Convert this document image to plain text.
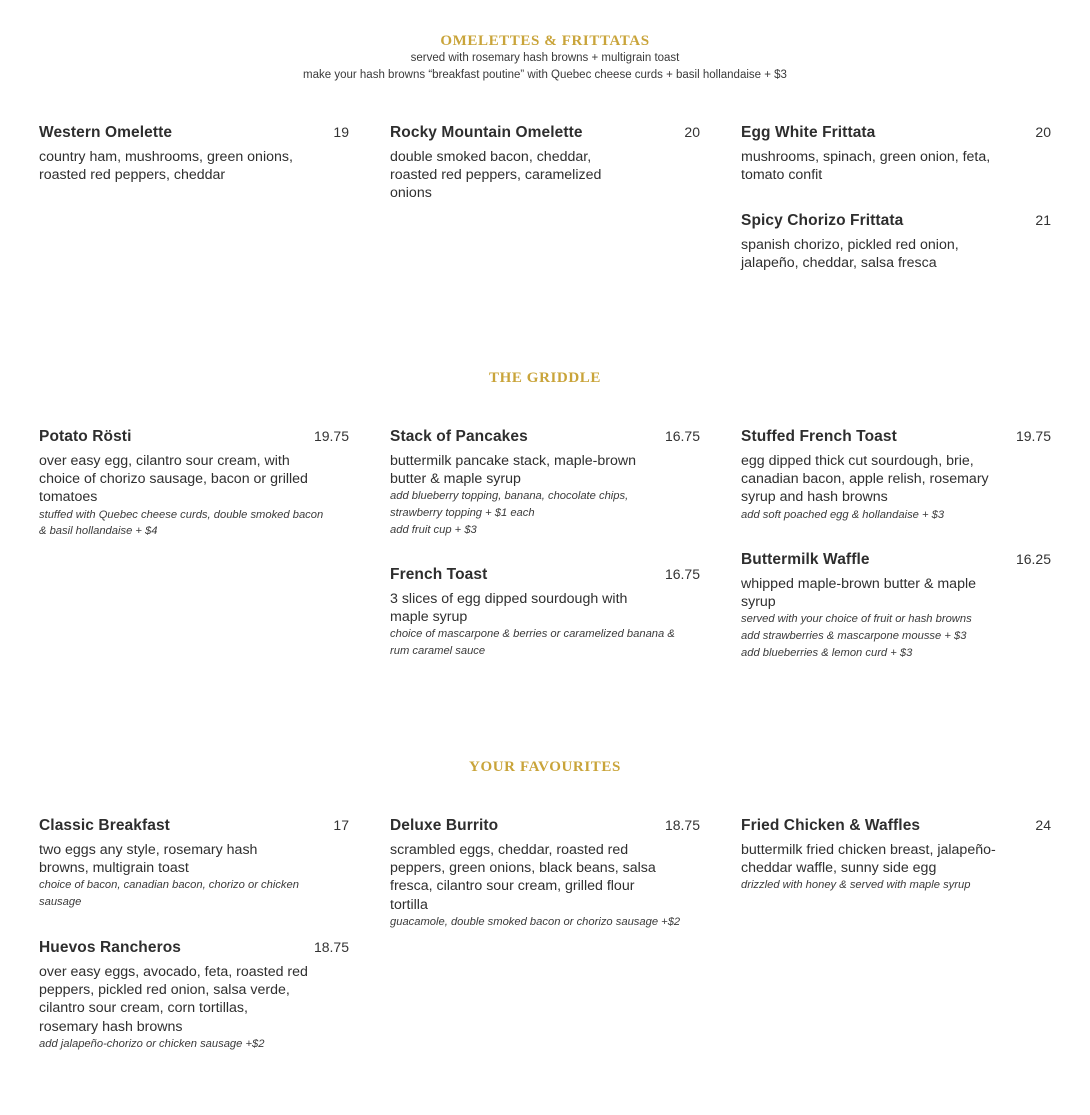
OMELETTES & FRITTATAS

served with rosemary hash browns + multigrain toast

make your hash browns “breakfast poutine” with Quebec cheese curds + basil hollandaise + $3

Western Omelette	19
country ham, mushrooms, green onions, roasted red peppers, cheddar
Rocky Mountain Omelette	20
double smoked bacon, cheddar, roasted red peppers, caramelized onions
Egg White Frittata	20
mushrooms, spinach, green onion, feta, tomato confit
Spicy Chorizo Frittata	21
spanish chorizo, pickled red onion, jalapeño, cheddar, salsa fresca
THE GRIDDLE
Potato Rösti	19.75
over easy egg, cilantro sour cream, with choice of chorizo sausage, bacon or grilled tomatoes
stuffed with Quebec cheese curds, double smoked bacon & basil hollandaise + $4
Stack of Pancakes	16.75
buttermilk pancake stack, maple-brown butter & maple syrup
add blueberry topping, banana, chocolate chips, strawberry topping + $1 each
add fruit cup + $3
French Toast	16.75
3 slices of egg dipped sourdough with maple syrup
choice of mascarpone & berries or caramelized banana & rum caramel sauce
Stuffed French Toast	19.75
egg dipped thick cut sourdough, brie, canadian bacon, apple relish, rosemary syrup and hash browns
add soft poached egg & hollandaise + $3
Buttermilk Waffle	16.25
whipped maple-brown butter & maple syrup
served with your choice of fruit or hash browns
add strawberries & mascarpone mousse + $3
add blueberries & lemon curd + $3
YOUR FAVOURITES
Classic Breakfast	17
two eggs any style, rosemary hash browns, multigrain toast
choice of bacon, canadian bacon, chorizo or chicken sausage
Huevos Rancheros	18.75
over easy eggs, avocado, feta, roasted red peppers, pickled red onion, salsa verde, cilantro sour cream, corn tortillas, rosemary hash browns
add jalapeño-chorizo or chicken sausage +$2
Deluxe Burrito	18.75
scrambled eggs, cheddar, roasted red peppers, green onions, black beans, salsa fresca, cilantro sour cream, grilled flour tortilla
guacamole, double smoked bacon or chorizo sausage +$2
Fried Chicken & Waffles	24
buttermilk fried chicken breast, jalapeño-cheddar waffle, sunny side egg
drizzled with honey & served with maple syrup
